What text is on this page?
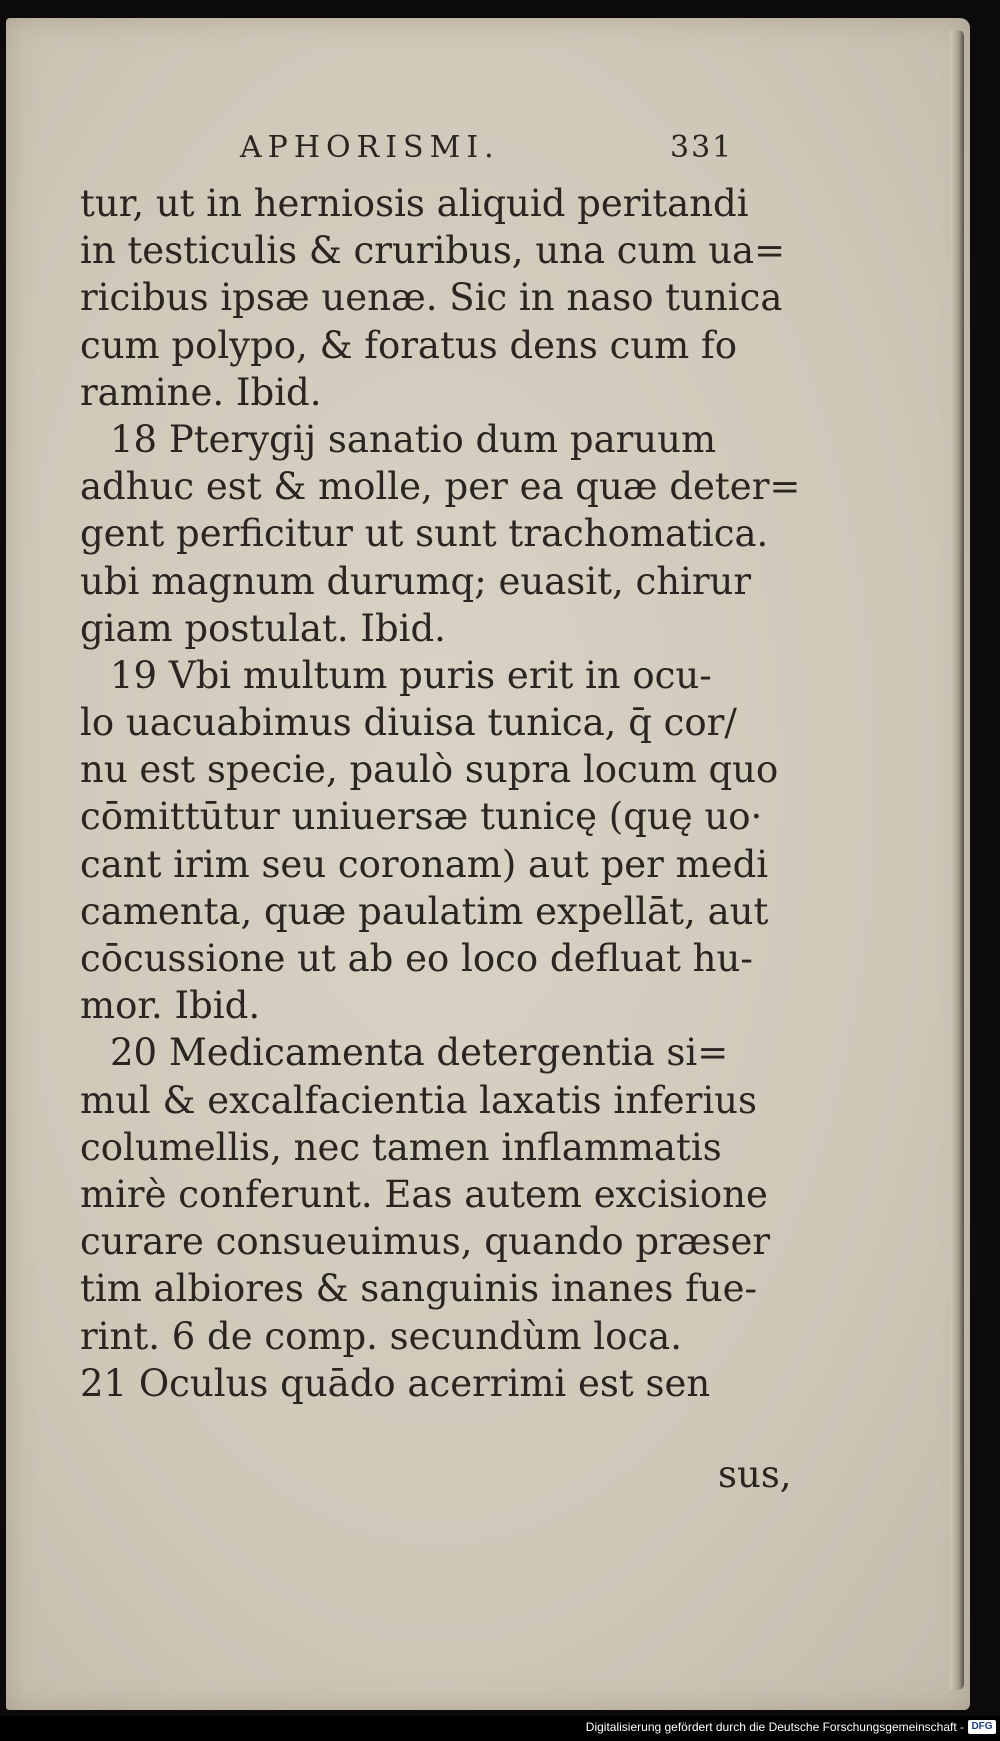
APHORISMI.	331
tur, ut in herniosis aliquid peritandi
in testiculis & cruribus, una cum ua=
ricibus ipsæ uenæ. Sic in naso tunica
cum polypo, & foratus dens cum fo
ramine. Ibid.
18 Pterygij sanatio dum paruum
adhuc est & molle, per ea quæ deter=
gent perficitur ut sunt trachomatica.
ubi magnum durumq; euasit, chirur
giam postulat. Ibid.
19 Vbi multum puris erit in ocu-
lo uacuabimus diuisa tunica, q̄ cor/
nu est specie, paulò supra locum quo
cōmittūtur uniuersæ tunicę (quę uo·
cant irim seu coronam) aut per medi
camenta, quæ paulatim expellāt, aut
cōcussione ut ab eo loco defluat hu-
mor. Ibid.
20 Medicamenta detergentia si=
mul & excalfacientia laxatis inferius
columellis, nec tamen inflammatis
mirè conferunt. Eas autem excisione
curare consueuimus, quando præser
tim albiores & sanguinis inanes fue-
rint. 6 de comp. secundùm loca.
21 Oculus quādo acerrimi est sen
sus,
Digitalisierung gefördert durch die Deutsche Forschungsgemeinschaft - DFG
